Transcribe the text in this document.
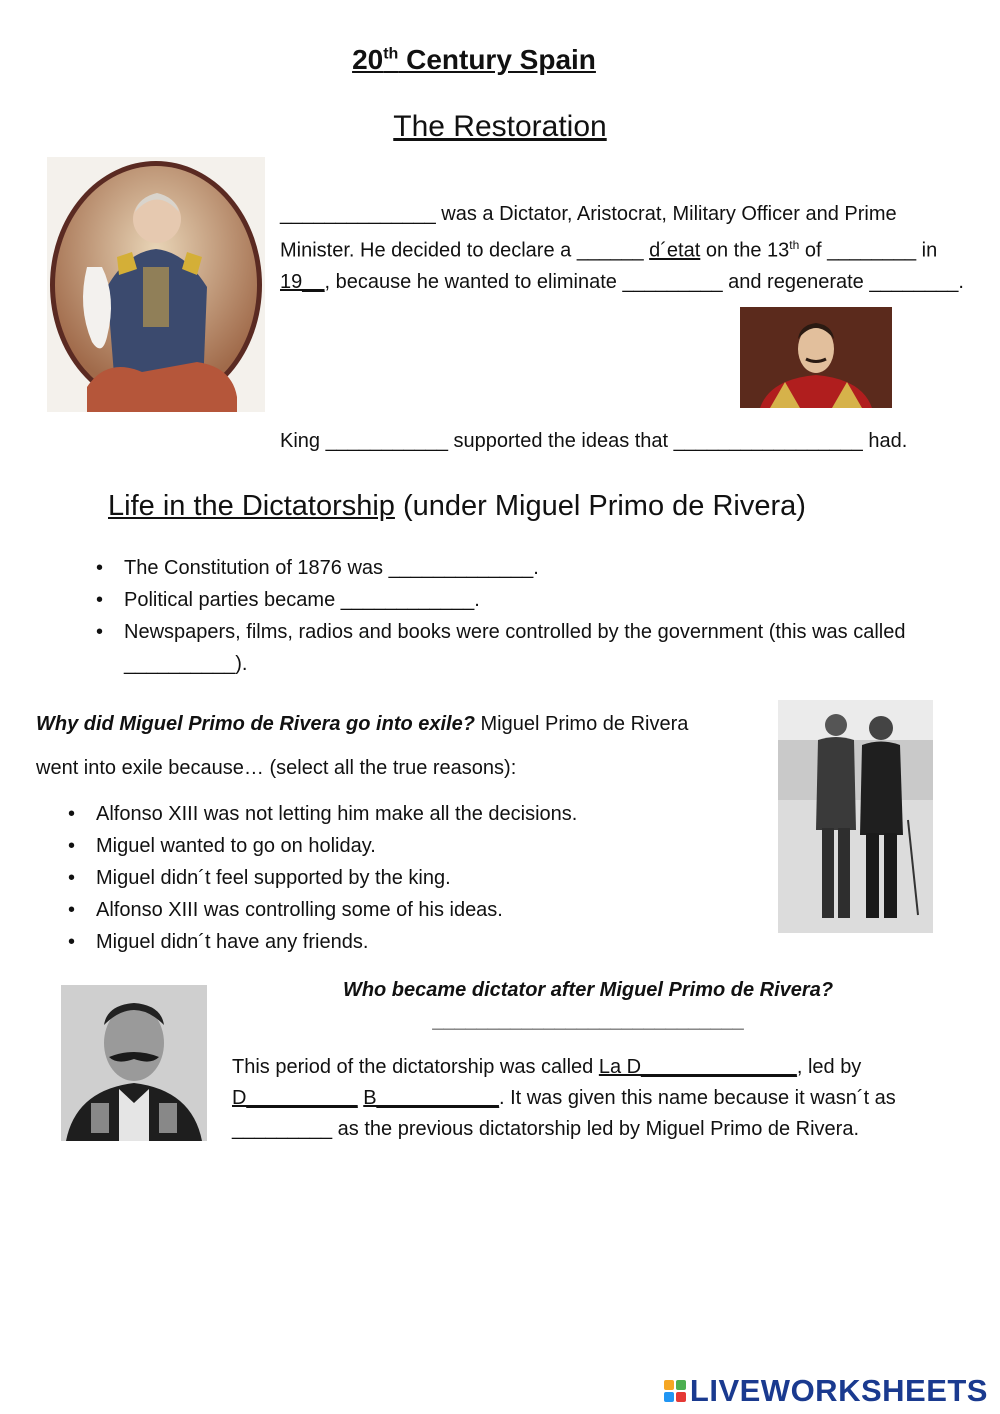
20th Century Spain
The Restoration
______________ was a Dictator, Aristocrat, Military Officer and Prime Minister. He decided to declare a ______ d´etat on the 13th of ________ in 19__, because he wanted to eliminate _________ and regenerate ________.
King ___________ supported the ideas that _________________ had.
Life in the Dictatorship (under Miguel Primo de Rivera)
• The Constitution of 1876 was _____________.
• Political parties became ____________.
• Newspapers, films, radios and books were controlled by the government (this was called __________).
Why did Miguel Primo de Rivera go into exile? Miguel Primo de Rivera
went into exile because… (select all the true reasons):
• Alfonso XIII was not letting him make all the decisions.
• Miguel wanted to go on holiday.
• Miguel didn´t feel supported by the king.
• Alfonso XIII was controlling some of his ideas.
• Miguel didn´t have any friends.
Who became dictator after Miguel Primo de Rivera?
____________________________
This period of the dictatorship was called La D______________, led by D__________ B___________. It was given this name because it wasn´t as _________ as the previous dictatorship led by Miguel Primo de Rivera.
LIVEWORKSHEETS
